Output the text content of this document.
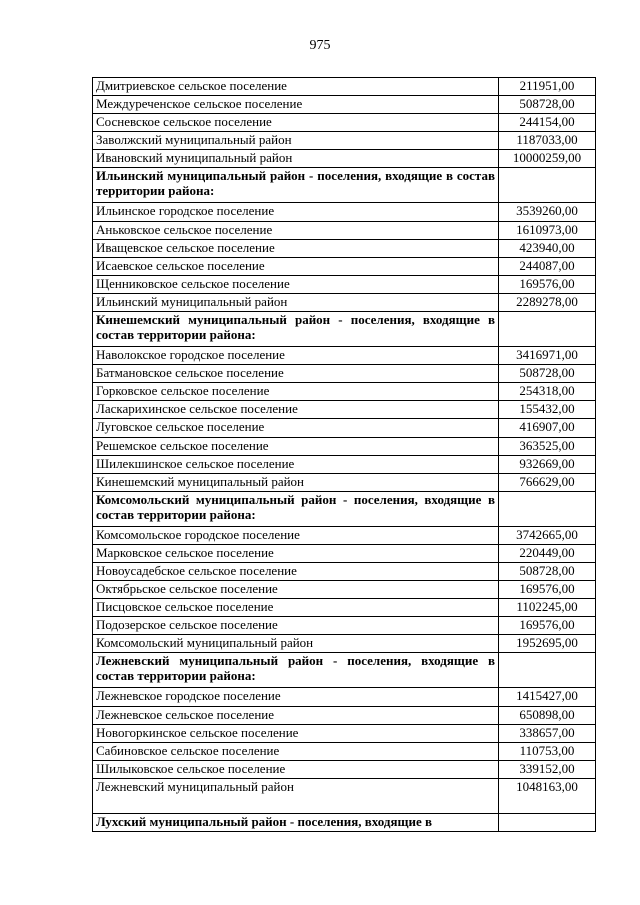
975
Дмитриевское сельское поселение	211951,00
Междуреченское сельское поселение	508728,00
Сосневское сельское поселение	244154,00
Заволжский муниципальный район	1187033,00
Ивановский муниципальный район	10000259,00
Ильинский муниципальный район - поселения, входящие в состав территории района:	
Ильинское городское поселение	3539260,00
Аньковское сельское поселение	1610973,00
Иващевское сельское поселение	423940,00
Исаевское сельское поселение	244087,00
Щенниковское сельское поселение	169576,00
Ильинский муниципальный район	2289278,00
Кинешемский муниципальный район - поселения, входящие в состав территории района:	
Наволокское городское поселение	3416971,00
Батмановское сельское поселение	508728,00
Горковское сельское поселение	254318,00
Ласкарихинское сельское поселение	155432,00
Луговское сельское поселение	416907,00
Решемское сельское поселение	363525,00
Шилекшинское сельское поселение	932669,00
Кинешемский муниципальный район	766629,00
Комсомольский муниципальный район - поселения, входящие в состав территории района:	
Комсомольское городское поселение	3742665,00
Марковское сельское поселение	220449,00
Новоусадебское сельское поселение	508728,00
Октябрьское сельское поселение	169576,00
Писцовское сельское поселение	1102245,00
Подозерское сельское поселение	169576,00
Комсомольский муниципальный район	1952695,00
Лежневский муниципальный район - поселения, входящие в состав территории района:	
Лежневское городское поселение	1415427,00
Лежневское сельское поселение	650898,00
Новогоркинское сельское поселение	338657,00
Сабиновское сельское поселение	110753,00
Шилыковское сельское поселение	339152,00
Лежневский муниципальный район	1048163,00
Лухский муниципальный район - поселения, входящие в	
